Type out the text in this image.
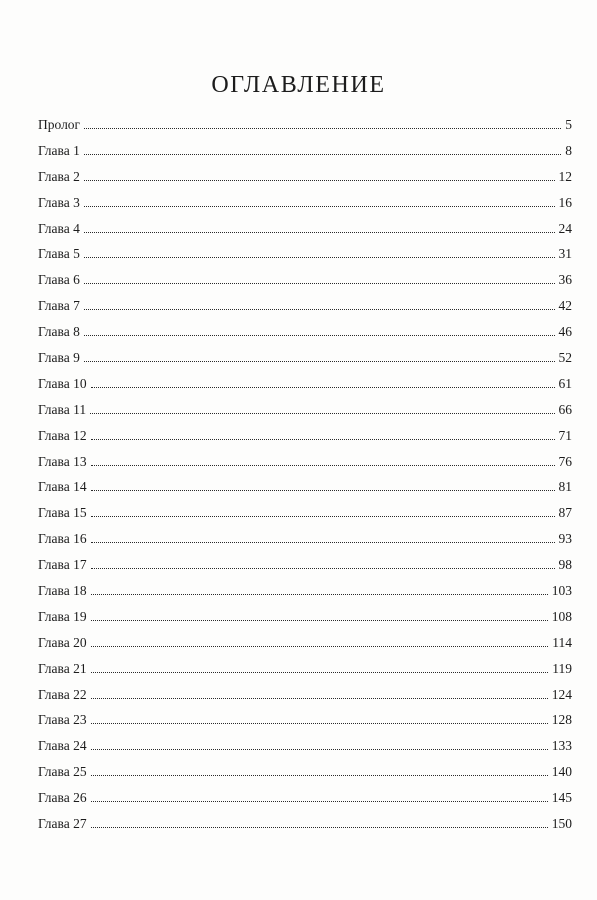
ОГЛАВЛЕНИЕ
Пролог	5
Глава 1	8
Глава 2	12
Глава 3	16
Глава 4	24
Глава 5	31
Глава 6	36
Глава 7	42
Глава 8	46
Глава 9	52
Глава 10	61
Глава 11	66
Глава 12	71
Глава 13	76
Глава 14	81
Глава 15	87
Глава 16	93
Глава 17	98
Глава 18	103
Глава 19	108
Глава 20	114
Глава 21	119
Глава 22	124
Глава 23	128
Глава 24	133
Глава 25	140
Глава 26	145
Глава 27	150
